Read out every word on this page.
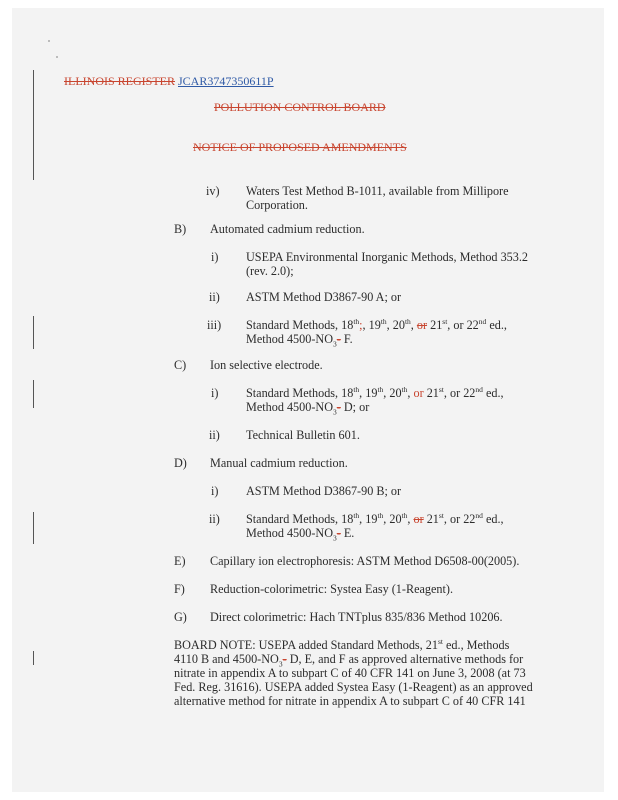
ILLINOIS REGISTER JCAR3747350611P
POLLUTION CONTROL BOARD
NOTICE OF PROPOSED AMENDMENTS
iv) Waters Test Method B-1011, available from Millipore
Corporation.
B) Automated cadmium reduction.
i) USEPA Environmental Inorganic Methods, Method 353.2
(rev. 2.0);
ii) ASTM Method D3867-90 A; or
iii) Standard Methods, 18th;, 19th, 20th, or 21st, or 22nd ed.,
Method $4500-NO_3-$ F.
C) Ion selective electrode.
i) Standard Methods, 18th, 19th, 20th, or 21st, or 22nd ed.,
Method $4500-NO_3-$ D; or
ii) Technical Bulletin 601.
D) Manual cadmium reduction.
i) ASTM Method D3867-90 B; or
ii) Standard Methods, 18th, 19th, 20th, or 21st, or 22nd ed.,
Method $4500-NO_3-$ E.
E) Capillary ion electrophoresis: ASTM Method D6508-00(2005).
F) Reduction-colorimetric: Systea Easy (1-Reagent).
G) Direct colorimetric: Hach TNTplus 835/836 Method 10206.
BOARD NOTE: USEPA added Standard Methods, 21st ed., Methods
4110 B and $4500-NO_3-$ D, E, and F as approved alternative methods for
nitrate in appendix A to subpart C of 40 CFR 141 on June 3, 2008 (at 73
Fed. Reg. 31616). USEPA added Systea Easy (1-Reagent) as an approved
alternative method for nitrate in appendix A to subpart C of 40 CFR 141
